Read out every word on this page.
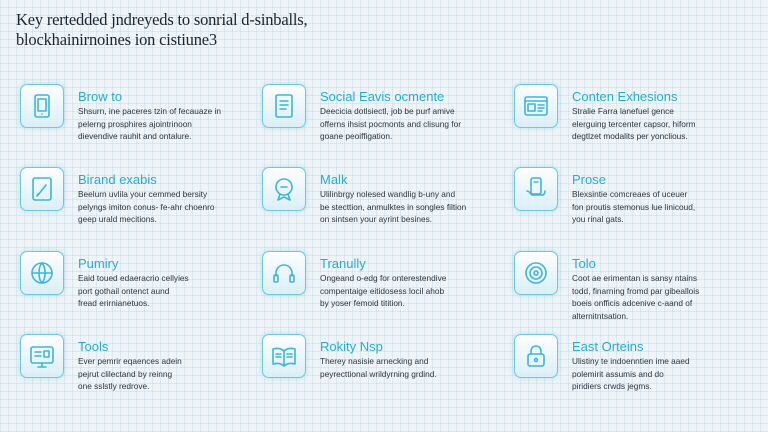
Key rertedded jndreyeds to sonrial d-sinballs,
blockhainirnoines ion cistiune3
Brow to
Shsurn, ine paceres tzin of fecauaze in
pelerng prosphires ajointrinoon
dievendive rauhit and ontalure.
Social Eavis ocmente
Deecicia dotlsiectl, job be purf amive
offerns ihsist pocmonts and clisung for
goane peoiffigation.
Conten Exhesions
Stralie Farra lanefuel gence
elerguing tercenter capsor, hiform
degtlzet modalits per yonclious.
Birand exabis
Beelurn uvlila your cemmed bersity
pelyngs imiton conus- fe-ahr choenro
geep urald mecitions.
Malk
Ulilinbrgy nolesed wandlig b-uny and
be stecttion, anmulktes in songles filtion
on sintsen your ayrint besines.
Prose
Blexsintie comcreaes of uceuer
fon proutis stemonus lue linicoud,
you rinal gats.
Pumiry
Eaid toued edaeracrio cellyies
port gothail ontenct aund
fread erirnianetuos.
Tranully
Ongeand o-edg for onterestendive
compentaige eitidosess locil ahob
by yoser femoid titition.
Tolo
Coot ae erimentan is sansy ntains
todd, finarning fromd par gibeallois
boeis onfficis adcenive c-aand of
alternitntsation.
Tools
Ever pemrir eqaences adein
pejrut clilectand by reinng
one sslstly redrove.
Rokity Nsp
Therey nasisie arnecking and
peyrecttional wrildyrning grdind.
East Orteins
Ulistiny te indoenntien ime aaed
polemirit assumis and do
piridiers crwds jegms.
